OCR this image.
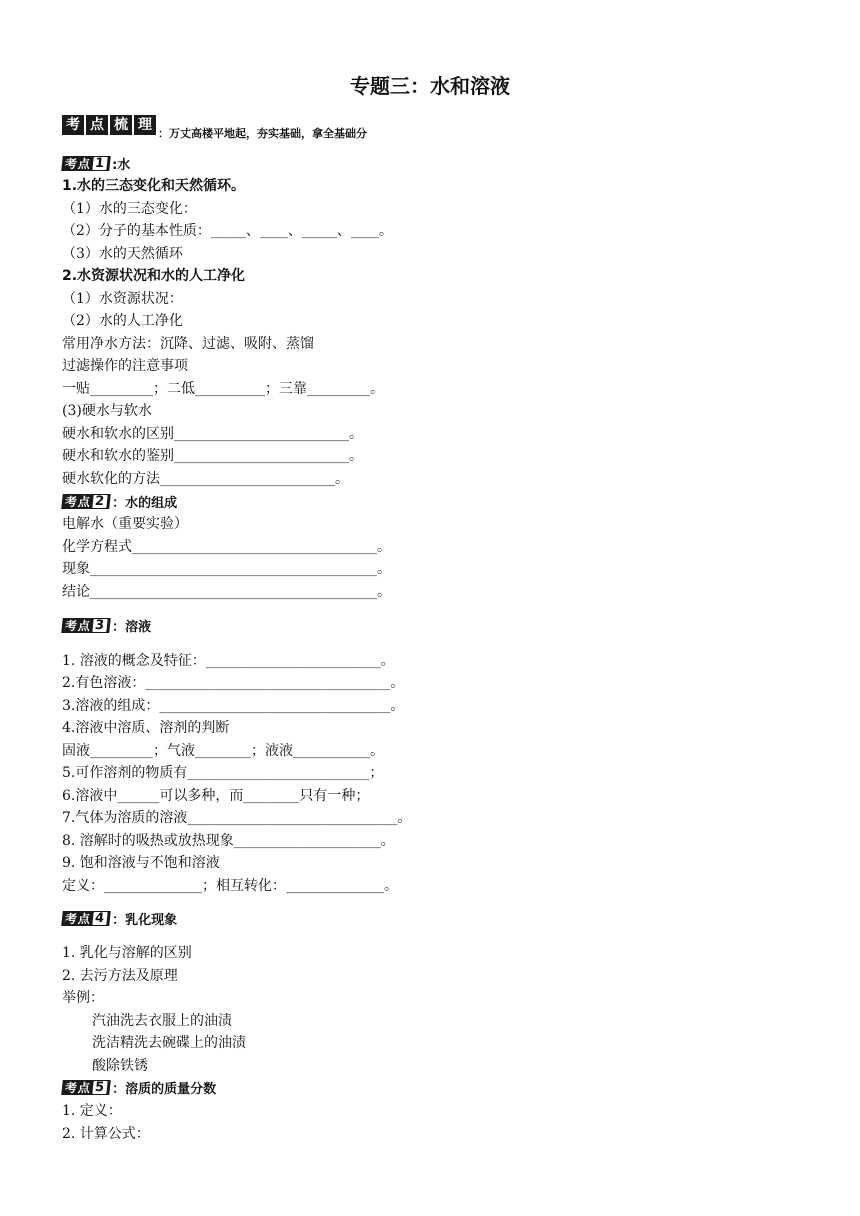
专题三：水和溶液
考 点 梳 理
：万丈高楼平地起，夯实基础，拿全基础分
考点 1 :水
1.水的三态变化和天然循环。
（1）水的三态变化：
（2）分子的基本性质：_____、____、_____、____。
（3）水的天然循环
2.水资源状况和水的人工净化
（1）水资源状况：
（2）水的人工净化
常用净水方法：沉降、过滤、吸附、蒸馏
过滤操作的注意事项
一贴_________；二低__________；三靠_________。
(3)硬水与软水
硬水和软水的区别_________________________。
硬水和软水的鉴别_________________________。
硬水软化的方法_________________________。
考点 2 ：水的组成
电解水（重要实验）
化学方程式___________________________________。
现象_________________________________________。
结论_________________________________________。
考点 3 ：溶液
1. 溶液的概念及特征：_________________________。
2.有色溶液：___________________________________。
3.溶液的组成：_________________________________。
4.溶液中溶质、溶剂的判断
固液_________；气液________；液液___________。
5.可作溶剂的物质有__________________________；
6.溶液中______可以多种，而________只有一种；
7.气体为溶质的溶液______________________________。
8. 溶解时的吸热或放热现象_____________________。
9. 饱和溶液与不饱和溶液
定义：______________；相互转化：______________。
考点 4 ：乳化现象
1. 乳化与溶解的区别
2. 去污方法及原理
举例：
汽油洗去衣服上的油渍
洗洁精洗去碗碟上的油渍
酸除铁锈
考点 5 ：溶质的质量分数
1. 定义：
2. 计算公式：
